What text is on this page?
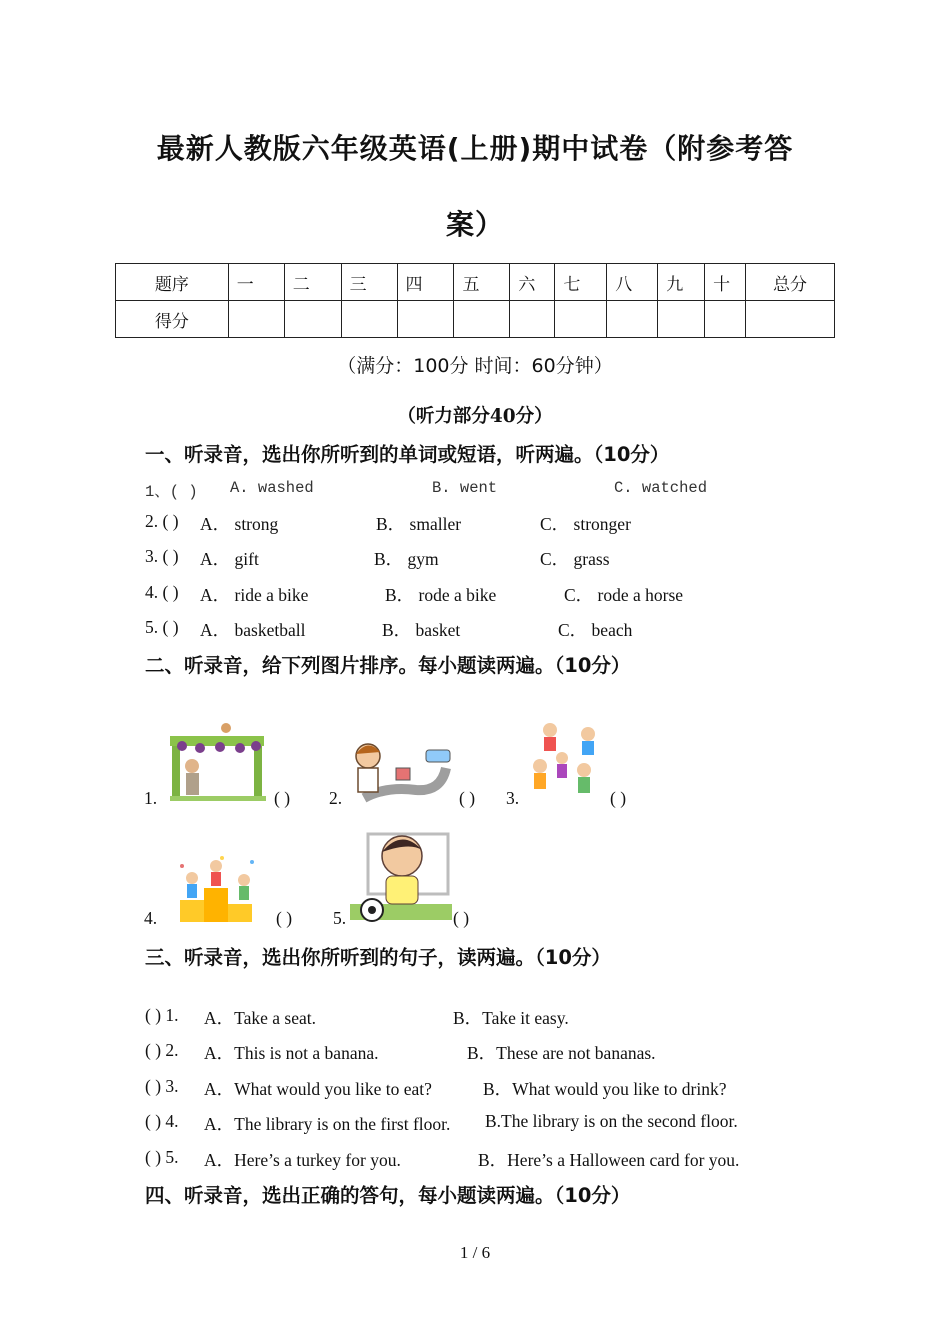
最新人教版六年级英语(上册)期中试卷（附参考答
案）
题序	一	二	三	四	五	六	七	八	九	十	总分
得分											
（满分：100分 时间：60分钟）
（听力部分40分）
一、听录音，选出你所听到的单词或短语，听两遍。（10分）
1、( ) A. washed	B. went	C. watched
2. ( ) A． strong	B． smaller	C． stronger
3. ( ) A． gift	B． gym	C． grass
4. ( ) A． ride a bike	B． rode a bike	C． rode a horse
5. ( ) A． basketball	B． basket	C． beach
二、听录音，给下列图片排序。每小题读两遍。（10分）
1.	( ) 2.	( ) 3.	( )
4.	( ) 5.	( )
三、听录音，选出你所听到的句子，读两遍。（10分）
( ) 1. A．Take a seat.	B．Take it easy.
( ) 2. A．This is not a banana.	B．These are not bananas.
( ) 3. A．What would you like to eat?	B．What would you like to drink?
( ) 4. A．The library is on the first floor. B.The library is on the second floor.
( ) 5. A．Here’s a turkey for you.	B．Here’s a Halloween card for you.
四、听录音，选出正确的答句，每小题读两遍。（10分）
1 / 6
